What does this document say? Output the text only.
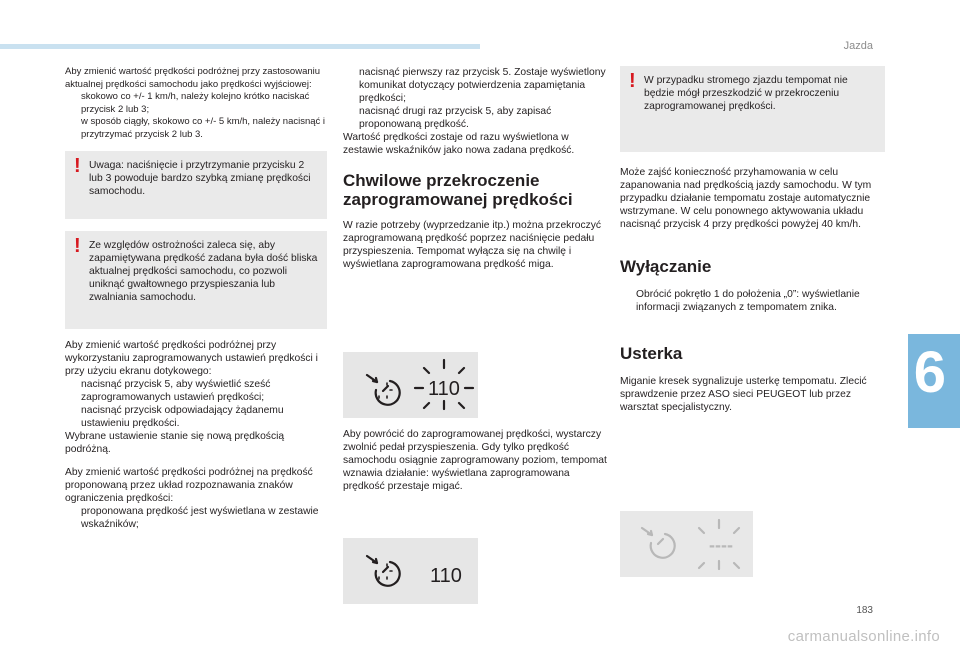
Jazda
6
183
carmanualsonline.info
Aby zmienić wartość prędkości podróżnej przy zastosowaniu aktualnej prędkości samochodu jako prędkości wyjściowej:
skokowo co +/- 1 km/h, należy kolejno krótko naciskać przycisk 2 lub 3;
w sposób ciągły, skokowo co +/- 5 km/h, należy nacisnąć i przytrzymać przycisk 2 lub 3.
! Uwaga: naciśnięcie i przytrzymanie przycisku 2 lub 3 powoduje bardzo szybką zmianę prędkości samochodu.
! Ze względów ostrożności zaleca się, aby zapamiętywana prędkość zadana była dość bliska aktualnej prędkości samochodu, co pozwoli uniknąć gwałtownego przyspieszania lub zwalniania samochodu.
Aby zmienić wartość prędkości podróżnej przy wykorzystaniu zaprogramowanych ustawień prędkości i przy użyciu ekranu dotykowego:
nacisnąć przycisk 5, aby wyświetlić sześć zaprogramowanych ustawień prędkości;
nacisnąć przycisk odpowiadający żądanemu ustawieniu prędkości.
Wybrane ustawienie stanie się nową prędkością podróżną.
Aby zmienić wartość prędkości podróżnej na prędkość proponowaną przez układ rozpoznawania znaków ograniczenia prędkości:
proponowana prędkość jest wyświetlana w zestawie wskaźników;
nacisnąć pierwszy raz przycisk 5. Zostaje wyświetlony komunikat dotyczący potwierdzenia zapamiętania prędkości;
nacisnąć drugi raz przycisk 5, aby zapisać proponowaną prędkość.
Wartość prędkości zostaje od razu wyświetlona w zestawie wskaźników jako nowa zadana prędkość.
Chwilowe przekroczenie zaprogramowanej prędkości
W razie potrzeby (wyprzedzanie itp.) można przekroczyć zaprogramowaną prędkość poprzez naciśnięcie pedału przyspieszenia. Tempomat wyłącza się na chwilę i wyświetlana zaprogramowana prędkość miga.
110
Aby powrócić do zaprogramowanej prędkości, wystarczy zwolnić pedał przyspieszenia. Gdy tylko prędkość samochodu osiągnie zaprogramowany poziom, tempomat wznawia działanie: wyświetlana zaprogramowana prędkość przestaje migać.
110
! W przypadku stromego zjazdu tempomat nie będzie mógł przeszkodzić w przekroczeniu zaprogramowanej prędkości.
Może zajść konieczność przyhamowania w celu zapanowania nad prędkością jazdy samochodu. W tym przypadku działanie tempomatu zostaje automatycznie wstrzymane. W celu ponownego aktywowania układu nacisnąć przycisk 4 przy prędkości powyżej 40 km/h.
Wyłączanie
Obrócić pokrętło 1 do położenia „0”: wyświetlanie informacji związanych z tempomatem znika.
Usterka
Miganie kresek sygnalizuje usterkę tempomatu. Zlecić sprawdzenie przez ASO sieci PEUGEOT lub przez warsztat specjalistyczny.
----
